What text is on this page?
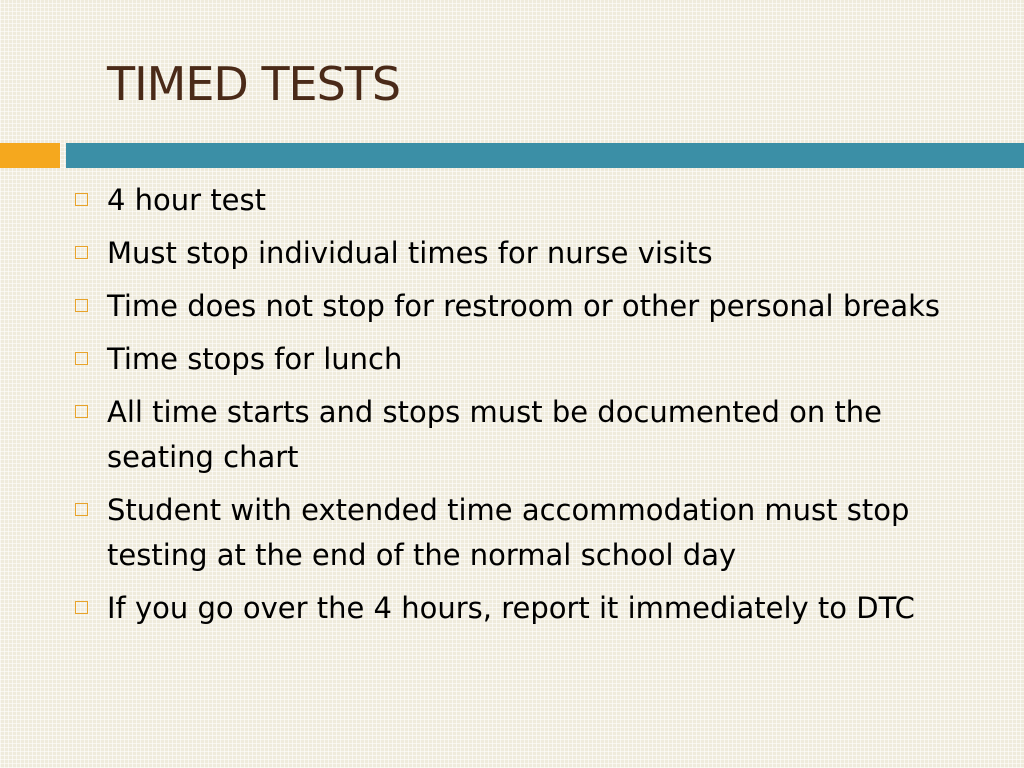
TIMED TESTS
4 hour test
Must stop individual times for nurse visits
Time does not stop for restroom or other personal breaks
Time stops for lunch
All time starts and stops must be documented on the seating chart
Student with extended time accommodation must stop testing at the end of the normal school day
If you go over the 4 hours, report it immediately to DTC
